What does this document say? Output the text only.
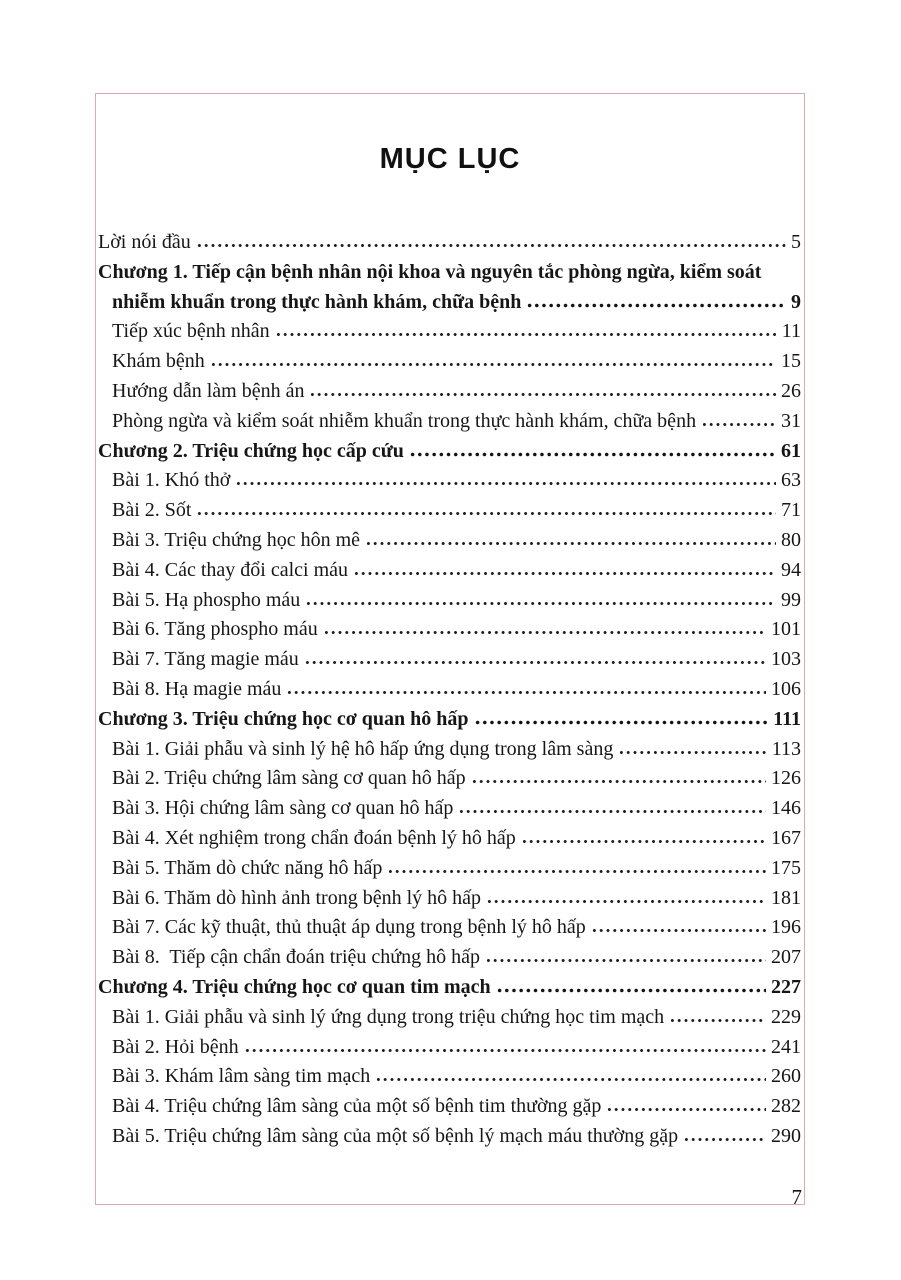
MỤC LỤC
Lời nói đầu	5
Chương 1. Tiếp cận bệnh nhân nội khoa và nguyên tắc phòng ngừa, kiểm soát
nhiễm khuẩn trong thực hành khám, chữa bệnh	9
Tiếp xúc bệnh nhân	11
Khám bệnh	15
Hướng dẫn làm bệnh án	26
Phòng ngừa và kiểm soát nhiễm khuẩn trong thực hành khám, chữa bệnh	31
Chương 2. Triệu chứng học cấp cứu	61
Bài 1. Khó thở	63
Bài 2. Sốt	71
Bài 3. Triệu chứng học hôn mê	80
Bài 4. Các thay đổi calci máu	94
Bài 5. Hạ phospho máu	99
Bài 6. Tăng phospho máu	101
Bài 7. Tăng magie máu	103
Bài 8. Hạ magie máu	106
Chương 3. Triệu chứng học cơ quan hô hấp	111
Bài 1. Giải phẫu và sinh lý hệ hô hấp ứng dụng trong lâm sàng	113
Bài 2. Triệu chứng lâm sàng cơ quan hô hấp	126
Bài 3. Hội chứng lâm sàng cơ quan hô hấp	146
Bài 4. Xét nghiệm trong chẩn đoán bệnh lý hô hấp	167
Bài 5. Thăm dò chức năng hô hấp	175
Bài 6. Thăm dò hình ảnh trong bệnh lý hô hấp	181
Bài 7. Các kỹ thuật, thủ thuật áp dụng trong bệnh lý hô hấp	196
Bài 8.  Tiếp cận chẩn đoán triệu chứng hô hấp	207
Chương 4. Triệu chứng học cơ quan tim mạch	227
Bài 1. Giải phẫu và sinh lý ứng dụng trong triệu chứng học tim mạch	229
Bài 2. Hỏi bệnh	241
Bài 3. Khám lâm sàng tim mạch	260
Bài 4. Triệu chứng lâm sàng của một số bệnh tim thường gặp	282
Bài 5. Triệu chứng lâm sàng của một số bệnh lý mạch máu thường gặp	290
7
